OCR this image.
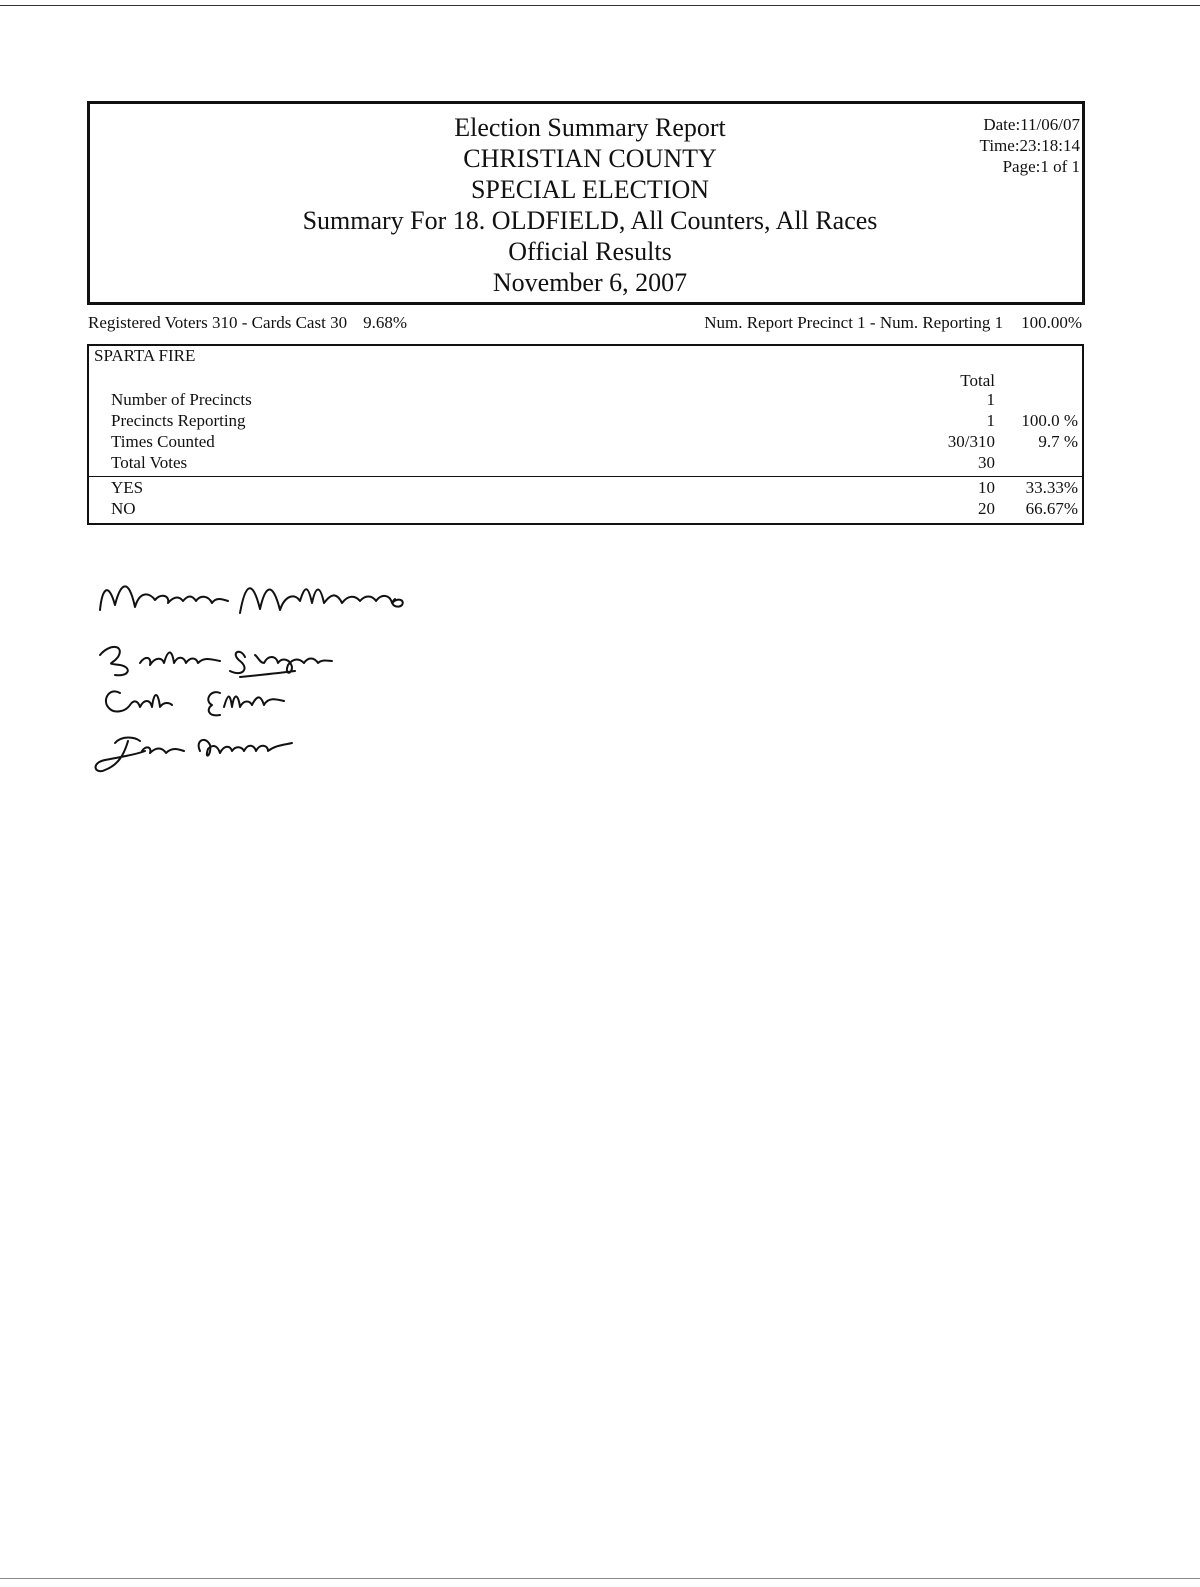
Election Summary Report
CHRISTIAN COUNTY
SPECIAL ELECTION
Summary For 18. OLDFIELD, All Counters, All Races
Official Results
November 6, 2007
Date:11/06/07
Time:23:18:14
Page:1 of 1
Registered Voters 310 - Cards Cast 30 9.68%	Num. Report Precinct 1 - Num. Reporting 1 100.00%
SPARTA FIRE
Total
Number of Precincts	1
Precincts Reporting	1 100.0 %
Times Counted	30/310	9.7 %
Total Votes	30
YES	10 33.33%
NO	20 66.67%
